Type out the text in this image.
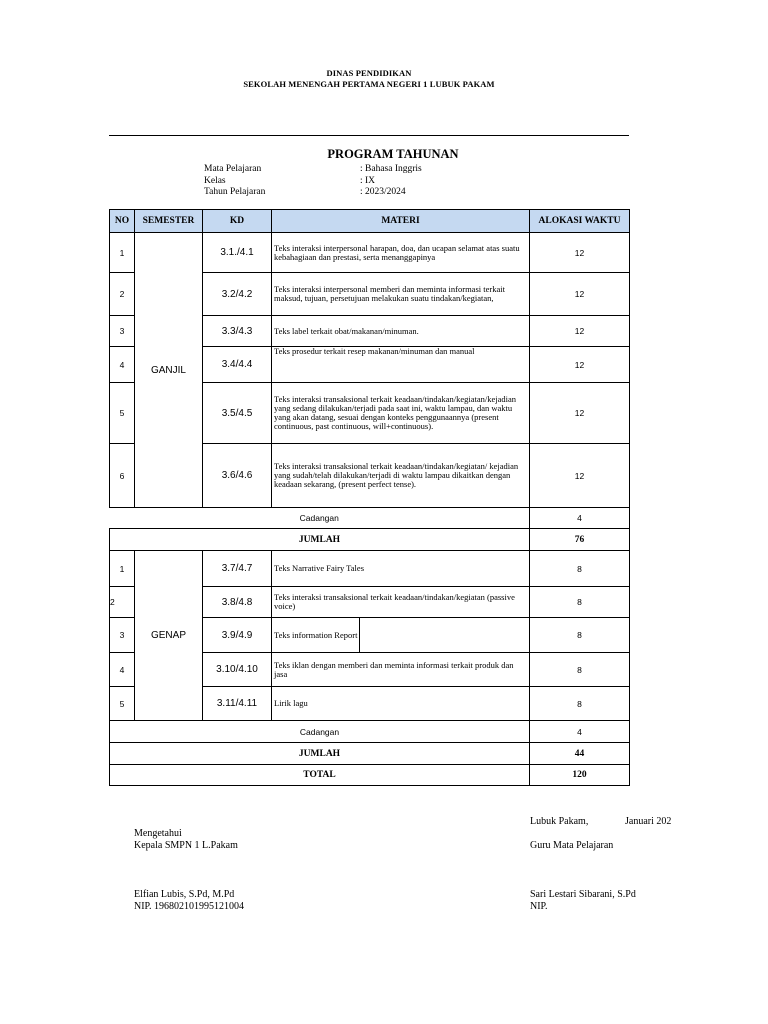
DINAS PENDIDIKAN
SEKOLAH MENENGAH PERTAMA NEGERI 1 LUBUK PAKAM
PROGRAM TAHUNAN
Mata Pelajaran	: Bahasa Inggris
Kelas	: IX
Tahun Pelajaran	: 2023/2024
NO	SEMESTER	KD	MATERI	ALOKASI WAKTU
1	GANJIL	3.1./4.1	Teks interaksi interpersonal harapan, doa, dan ucapan selamat atas suatu kebahagiaan dan prestasi, serta menanggapinya	12
2		3.2/4.2	Teks interaksi interpersonal memberi dan meminta informasi terkait maksud, tujuan, persetujuan melakukan suatu tindakan/kegiatan,	12
3		3.3/4.3	Teks label terkait obat/makanan/minuman.	12
4		3.4/4.4	Teks prosedur terkait resep makanan/minuman dan manual	12
5		3.5/4.5	Teks interaksi transaksional terkait keadaan/tindakan/kegiatan/kejadian yang sedang dilakukan/terjadi pada saat ini, waktu lampau, dan waktu yang akan datang, sesuai dengan konteks penggunaannya (present continuous, past continuous, will+continuous).	12
6		3.6/4.6	Teks interaksi transaksional terkait keadaan/tindakan/kegiatan/ kejadian yang sudah/telah dilakukan/terjadi di waktu lampau dikaitkan dengan keadaan sekarang, (present perfect tense).	12
Cadangan				4
JUMLAH				76
1	GENAP	3.7/4.7	Teks Narrative Fairy Tales	8
2		3.8/4.8	Teks interaksi transaksional terkait keadaan/tindakan/kegiatan (passive voice)	8
3		3.9/4.9	Teks information Report	8
4		3.10/4.10	Teks iklan dengan memberi dan meminta informasi terkait produk dan jasa	8
5		3.11/4.11	Lirik lagu	8
Cadangan				4
JUMLAH				44
TOTAL				120
Lubuk Pakam,	Januari 202
Mengetahui
Kepala SMPN 1 L.Pakam	Guru Mata Pelajaran
Elfian Lubis, S.Pd, M.Pd
NIP. 196802101995121004
Sari Lestari Sibarani, S.Pd
NIP.
